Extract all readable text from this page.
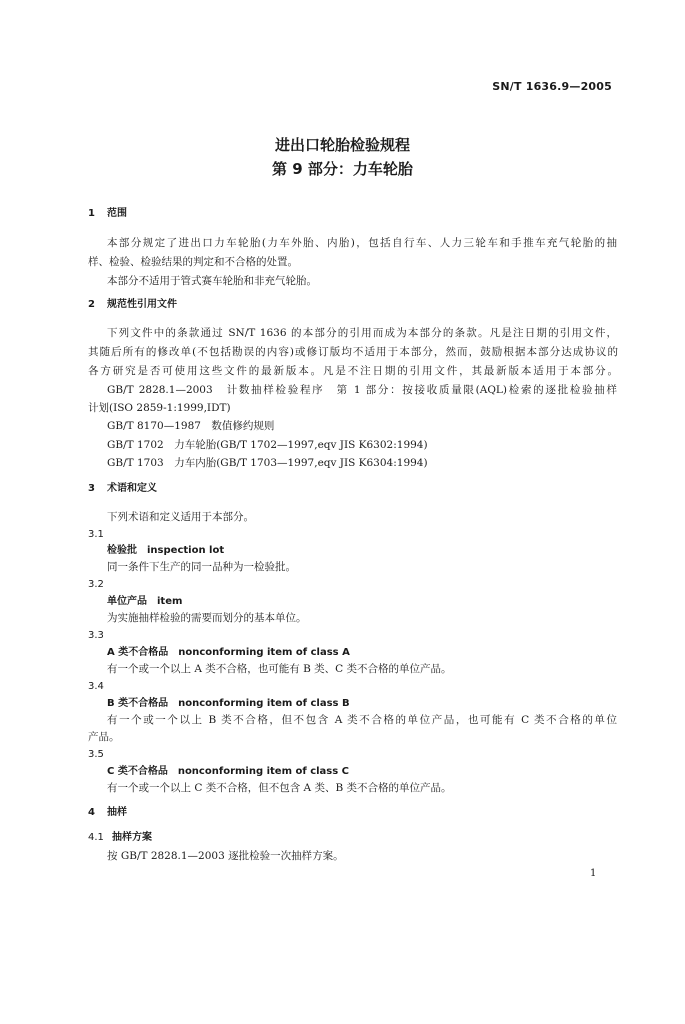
SN/T 1636.9—2005
进出口轮胎检验规程
第 9 部分：力车轮胎
1 范围
本部分规定了进出口力车轮胎(力车外胎、内胎)，包括自行车、人力三轮车和手推车充气轮胎的抽
样、检验、检验结果的判定和不合格的处置。
本部分不适用于管式赛车轮胎和非充气轮胎。
2 规范性引用文件
下列文件中的条款通过 SN/T 1636 的本部分的引用而成为本部分的条款。凡是注日期的引用文件，
其随后所有的修改单(不包括勘误的内容)或修订版均不适用于本部分，然而，鼓励根据本部分达成协议的
各方研究是否可使用这些文件的最新版本。凡是不注日期的引用文件，其最新版本适用于本部分。
GB/T 2828.1—2003　计数抽样检验程序　第 1 部分：按接收质量限(AQL)检索的逐批检验抽样
计划(ISO 2859-1:1999,IDT)
GB/T 8170—1987　数值修约规则
GB/T 1702　力车轮胎(GB/T 1702—1997,eqv JIS K6302:1994)
GB/T 1703　力车内胎(GB/T 1703—1997,eqv JIS K6304:1994)
3 术语和定义
下列术语和定义适用于本部分。
3.1
检验批　inspection lot
同一条件下生产的同一品种为一检验批。
3.2
单位产品　item
为实施抽样检验的需要而划分的基本单位。
3.3
A 类不合格品　nonconforming item of class A
有一个或一个以上 A 类不合格，也可能有 B 类、C 类不合格的单位产品。
3.4
B 类不合格品　nonconforming item of class B
有一个或一个以上 B 类不合格，但不包含 A 类不合格的单位产品，也可能有 C 类不合格的单位
产品。
3.5
C 类不合格品　nonconforming item of class C
有一个或一个以上 C 类不合格，但不包含 A 类、B 类不合格的单位产品。
4 抽样
4.1 抽样方案
按 GB/T 2828.1—2003 逐批检验一次抽样方案。
1
